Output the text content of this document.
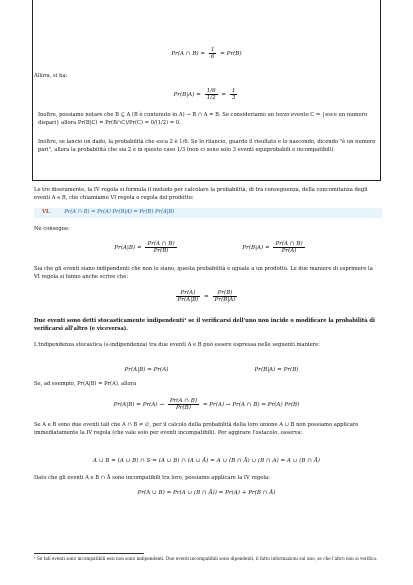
Pr(A ∩ $B) = \frac{1}{6} = Pr(B)$
Allora, si ha:
$Pr(B|A) = \frac{1/6}{1/2} = \frac{1}{3}$
Inoltre, possiamo notare che B ⊆ A (B è contenuto in A) → B ∩ A = B. Se consideriamo un terzo evento C = {esce un numero dispari} allora Pr(B|C) = Pr(B∩C)/Pr(C) = 0/(1/2) = 0.
Inoltre, se lancio un dado, la probabilità che esca 2 è 1/6. Se lo rilancio, guardo il risultato e lo nascondo, dicendo "è un numero pari", allora la probabilità che sia 2 è in questo caso 1/3 (non ci sono solo 3 eventi equiprobabili e incompatibili).
Le tre diseramente, la IV regola si formula il metodo per calcolare la probabilità, di tra conseguenza, della concomitanza degli eventi A e B, che chiamiamo VI regola o regola del prodotto:
VI.	Pr(A ∩ B) = Pr(A) Pr(B|A) = Pr(B) Pr(A|B)
Ne consegue:
$Pr(A|B) = \frac{Pr(A \cap B)}{Pr(B)}$	$Pr(B|A) = \frac{Pr(A \cap B)}{Pr(A)}$
Sia che gli eventi siano indipendenti che non lo siano, questa probabilità è uguale a un prodotto. Le due maniere di esprimere la VI regola si fanno anche scrive che:
$\frac{Pr(A)}{Pr(A|B)} = \frac{Pr(B)}{Pr(B|A)}$
Due eventi sono detti stocasticamente indipendenti¹ se il verificarsi dell'uno non incide o modificare la probabilità di verificarsi all'altro (e viceversa).
L'indipendenza stocastica (s-indipendenza) tra due eventi A e B può essere espressa nelle seguenti maniere:
Pr(A|B) = Pr(A)	Pr(B|A) = Pr(B)
Se, ad esempio, Pr(A|B) = Pr(A), allora
$Pr(A|B) = Pr(A) \to \frac{Pr(A \cap B)}{Pr(B)} = Pr(A) \to Pr(A$ ∩ B) = Pr(A) Pr(B)
Se A e B sono due eventi tali che A ∩ B ≠ ∅, per il calcolo della probabilità della loro unione A ∪ B non possiamo applicare immediatamente la IV regola (che vale solo per eventi incompatibili). Per aggirare l'ostacolo, osserva:
A ∪ B = (A ∪ B) ∩ S = (A ∪ B) ∩ (A ∪ Ā) = A ∪ (B ∩ Ā) ∪ (B ∩ A) = A ∪ (B ∩ Ā)
Dato che gli eventi A e B ∩ Ā sono incompatibili tra loro, possiamo applicare la IV regola:
Pr(A ∪ B) = Pr(A ∪ (B ∩ Ā)) = Pr(A) + Pr(B ∩ Ā)
¹ Se tali eventi sono incompatibili essi non sono indipendenti. Due eventi incompatibili sono dipendenti, il fatto informazioni sul uno, se che l'altro non si verifica.
